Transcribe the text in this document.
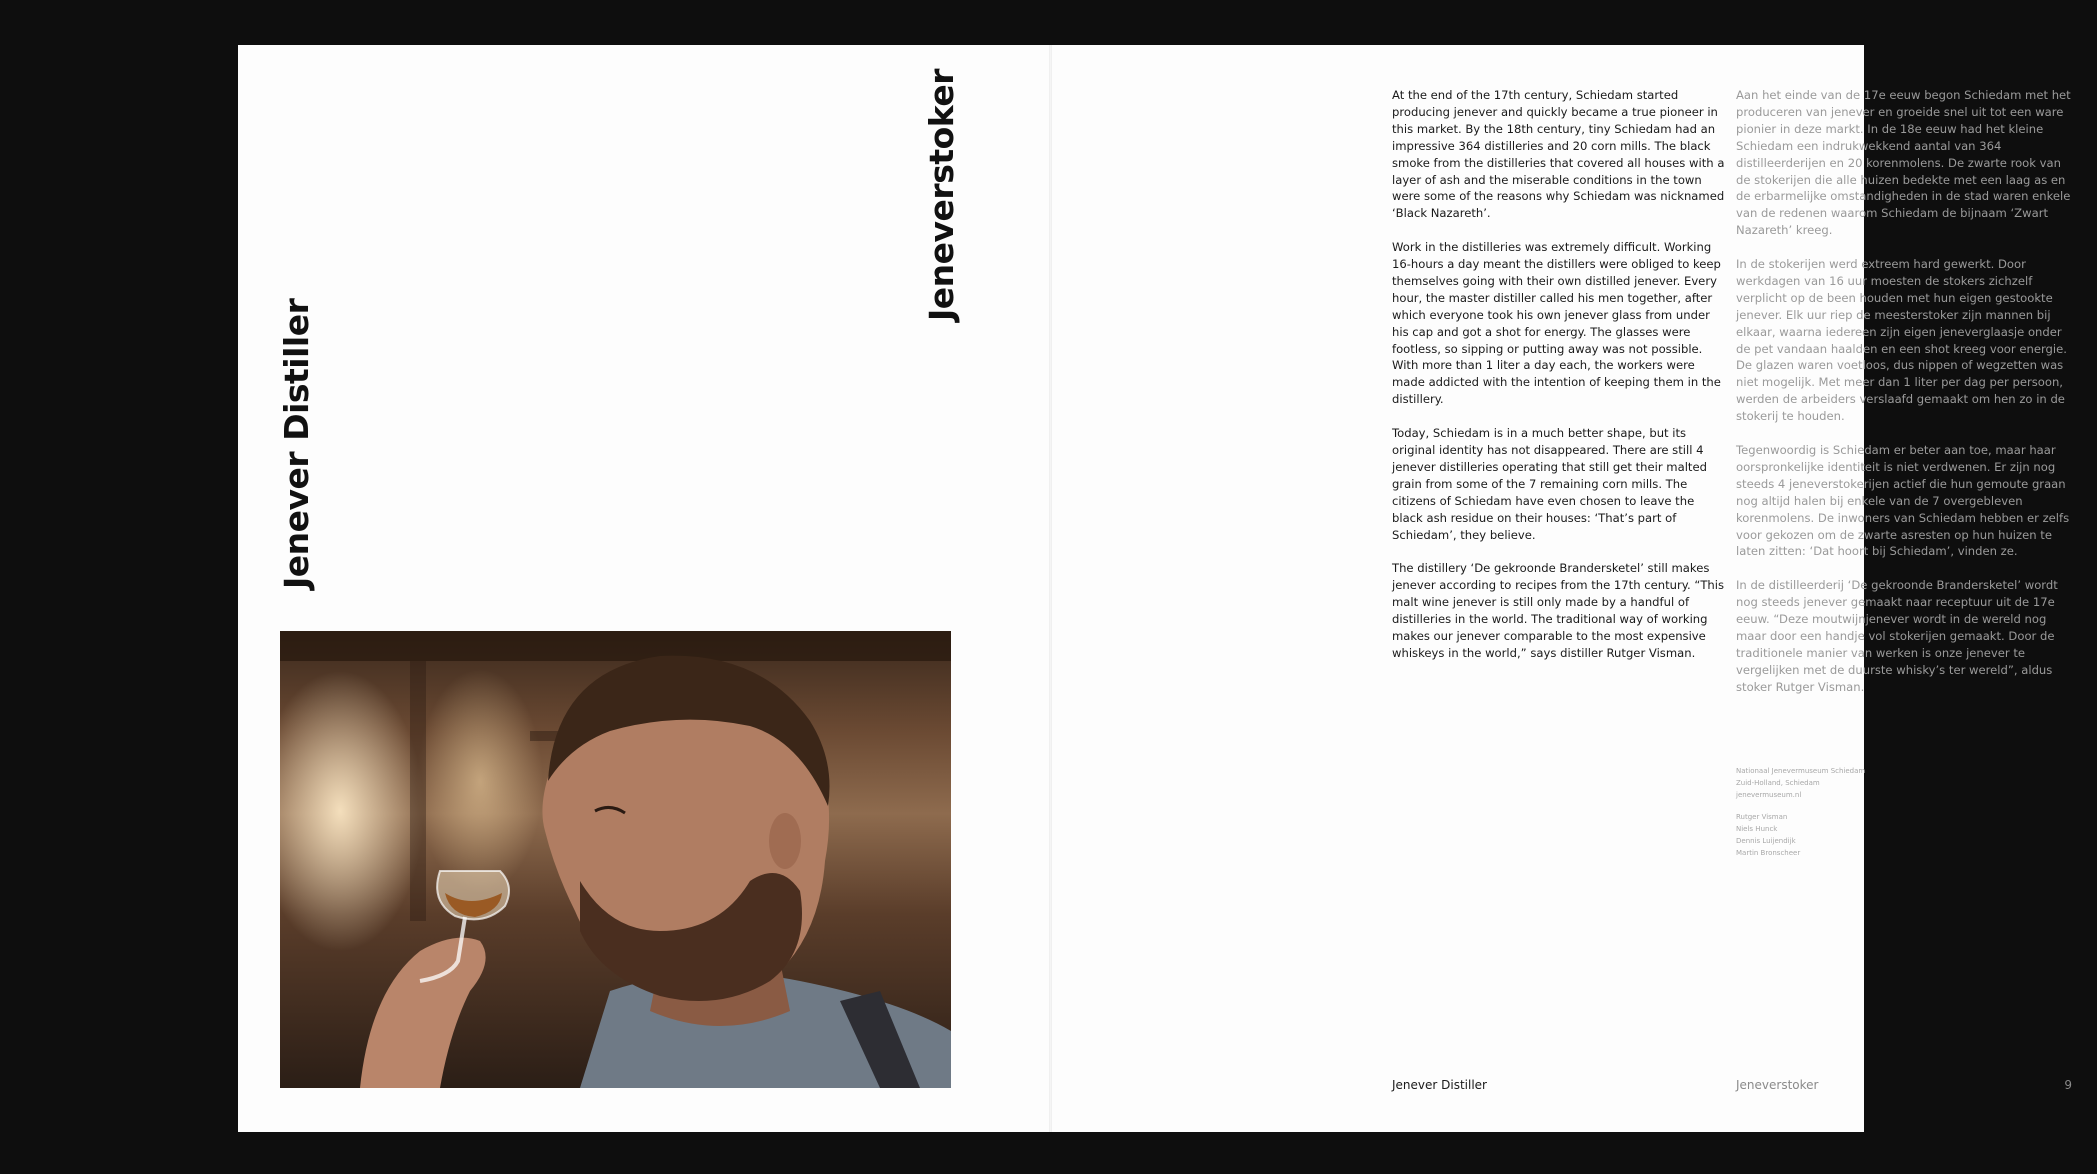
Jenever Distiller
Jeneverstoker	At the end of the 17th century, Schiedam started producing jenever and quickly became a true pioneer in this market. By the 18th century, tiny Schiedam had an impressive 364 distilleries and 20 corn mills. The black smoke from the distilleries that covered all houses with a layer of ash and the miserable conditions in the town were some of the reasons why Schiedam was nicknamed ‘Black Nazareth’.

Work in the distilleries was extremely difficult. Working 16-hours a day meant the distillers were obliged to keep themselves going with their own distilled jenever. Every hour, the master distiller called his men together, after which everyone took his own jenever glass from under his cap and got a shot for energy. The glasses were footless, so sipping or putting away was not possible. With more than 1 liter a day each, the workers were made addicted with the intention of keeping them in the distillery.

Today, Schiedam is in a much better shape, but its original identity has not disappeared. There are still 4 jenever distilleries operating that still get their malted grain from some of the 7 remaining corn mills. The citizens of Schiedam have even chosen to leave the black ash residue on their houses: ‘That’s part of Schiedam’, they believe.

The distillery ‘De gekroonde Brandersketel’ still makes jenever according to recipes from the 17th century. “This malt wine jenever is still only made by a handful of distilleries in the world. The traditional way of working makes our jenever comparable to the most expensive whiskeys in the world,” says distiller Rutger Visman.

Aan het einde van de 17e eeuw begon Schiedam met het produceren van jenever en groeide snel uit tot een ware pionier in deze markt. In de 18e eeuw had het kleine Schiedam een indrukwekkend aantal van 364 distilleerderijen en 20 korenmolens. De zwarte rook van de stokerijen die alle huizen bedekte met een laag as en de erbarmelijke omstandigheden in de stad waren enkele van de redenen waarom Schiedam de bijnaam ‘Zwart Nazareth’ kreeg.

In de stokerijen werd extreem hard gewerkt. Door werkdagen van 16 uur moesten de stokers zichzelf verplicht op de been houden met hun eigen gestookte jenever. Elk uur riep de meesterstoker zijn mannen bij elkaar, waarna iedereen zijn eigen jeneverglaasje onder de pet vandaan haalden en een shot kreeg voor energie. De glazen waren voetloos, dus nippen of wegzetten was niet mogelijk. Met meer dan 1 liter per dag per persoon, werden de arbeiders verslaafd gemaakt om hen zo in de stokerij te houden.

Tegenwoordig is Schiedam er beter aan toe, maar haar oorspronkelijke identiteit is niet verdwenen. Er zijn nog steeds 4 jeneverstokerijen actief die hun gemoute graan nog altijd halen bij enkele van de 7 overgebleven korenmolens. De inwoners van Schiedam hebben er zelfs voor gekozen om de zwarte asresten op hun huizen te laten zitten: ‘Dat hoort bij Schiedam’, vinden ze.

In de distilleerderij ‘De gekroonde Brandersketel’ wordt nog steeds jenever gemaakt naar receptuur uit de 17e eeuw. “Deze moutwijnjenever wordt in de wereld nog maar door een handje vol stokerijen gemaakt. Door de traditionele manier van werken is onze jenever te vergelijken met de duurste whisky’s ter wereld”, aldus stoker Rutger Visman.

Nationaal Jenevermuseum Schiedam
Zuid-Holland, Schiedam
jenevermuseum.nl
Rutger Visman
Niels Hunck
Dennis Luijendijk
Martin Bronscheer
Jenever Distiller	Jeneverstoker	9
